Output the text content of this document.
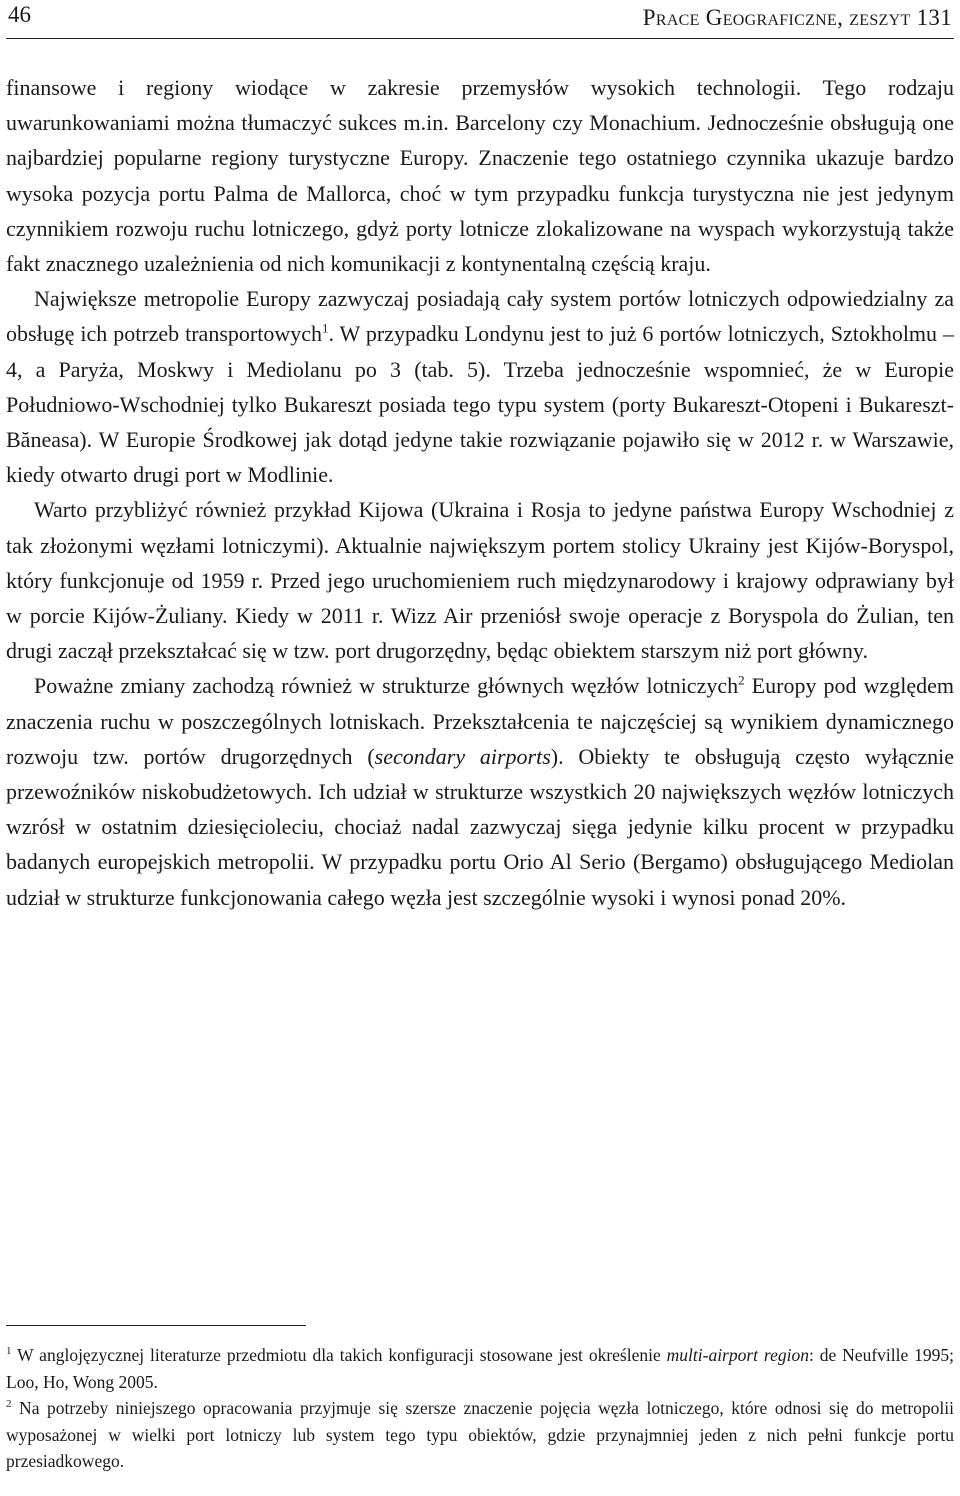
46	Prace Geograficzne, zeszyt 131

finansowe i regiony wiodące w zakresie przemysłów wysokich technologii. Tego rodzaju uwarunkowaniami można tłumaczyć sukces m.in. Barcelony czy Monachium. Jednocześnie obsługują one najbardziej popularne regiony turystyczne Europy. Znaczenie tego ostatniego czynnika ukazuje bardzo wysoka pozycja portu Palma de Mallorca, choć w tym przypadku funkcja turystyczna nie jest jedynym czynnikiem rozwoju ruchu lotniczego, gdyż porty lotnicze zlokalizowane na wyspach wykorzystują także fakt znacznego uzależnienia od nich komunikacji z kontynentalną częścią kraju.

Największe metropolie Europy zazwyczaj posiadają cały system portów lotniczych odpowiedzialny za obsługę ich potrzeb transportowych$^1$. W przypadku Londynu jest to już 6 portów lotniczych, Sztokholmu – 4, a Paryża, Moskwy i Mediolanu po 3 (tab. 5). Trzeba jednocześnie wspomnieć, że w Europie Południowo-Wschodniej tylko Bukareszt posiada tego typu system (porty Bukareszt-Otopeni i Bukareszt-Băneasa). W Europie Środkowej jak dotąd jedyne takie rozwiązanie pojawiło się w 2012 r. w Warszawie, kiedy otwarto drugi port w Modlinie.

Warto przybliżyć również przykład Kijowa (Ukraina i Rosja to jedyne państwa Europy Wschodniej z tak złożonymi węzłami lotniczymi). Aktualnie największym portem stolicy Ukrainy jest Kijów-Boryspol, który funkcjonuje od 1959 r. Przed jego uruchomieniem ruch międzynarodowy i krajowy odprawiany był w porcie Kijów-Żuliany. Kiedy w 2011 r. Wizz Air przeniósł swoje operacje z Boryspola do Żulian, ten drugi zaczął przekształcać się w tzw. port drugorzędny, będąc obiektem starszym niż port główny.

Poważne zmiany zachodzą również w strukturze głównych węzłów lotniczych$^2$ Europy pod względem znaczenia ruchu w poszczególnych lotniskach. Przekształcenia te najczęściej są wynikiem dynamicznego rozwoju tzw. portów drugorzędnych (secondary airports). Obiekty te obsługują często wyłącznie przewoźników niskobudżetowych. Ich udział w strukturze wszystkich 20 największych węzłów lotniczych wzrósł w ostatnim dziesięcioleciu, chociaż nadal zazwyczaj sięga jedynie kilku procent w przypadku badanych europejskich metropolii. W przypadku portu Orio Al Serio (Bergamo) obsługującego Mediolan udział w strukturze funkcjonowania całego węzła jest szczególnie wysoki i wynosi ponad 20%.

$^1$ W anglojęzycznej literaturze przedmiotu dla takich konfiguracji stosowane jest określenie multi-airport region: de Neufville 1995; Loo, Ho, Wong 2005.

$^2$ Na potrzeby niniejszego opracowania przyjmuje się szersze znaczenie pojęcia węzła lotniczego, które odnosi się do metropolii wyposażonej w wielki port lotniczy lub system tego typu obiektów, gdzie przynajmniej jeden z nich pełni funkcje portu przesiadkowego.
